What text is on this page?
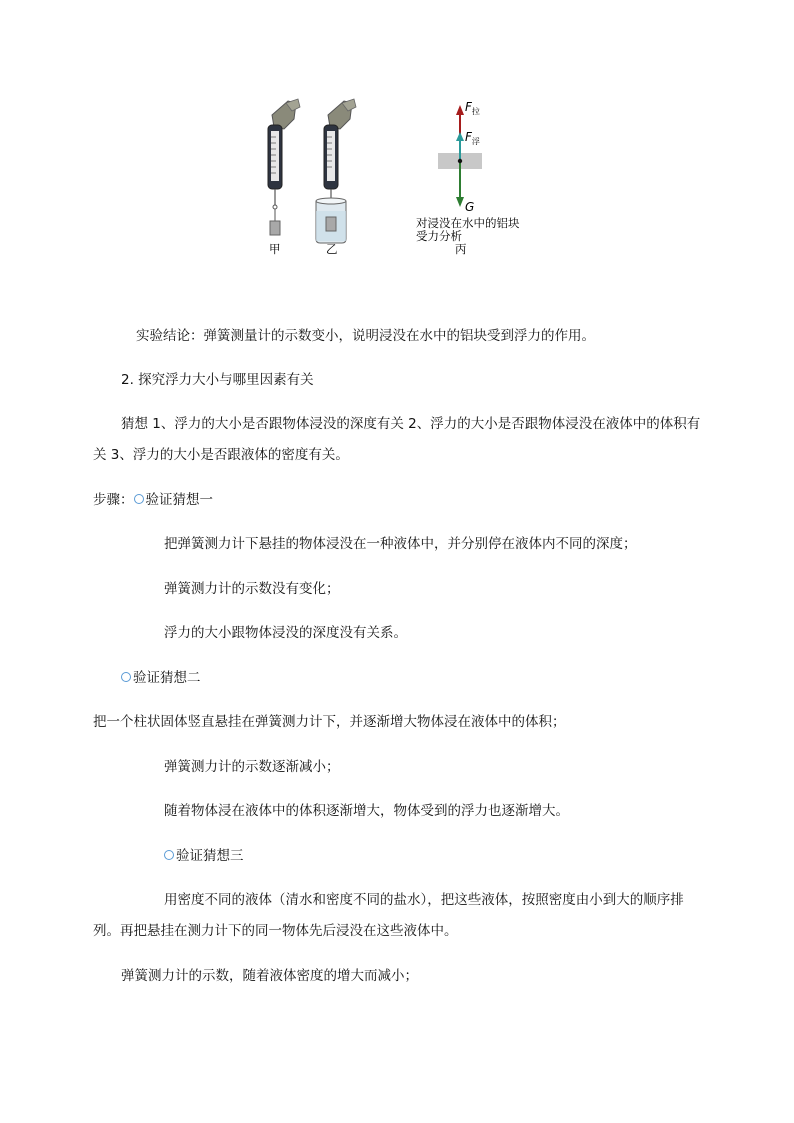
甲	乙
$F_拉$
$F_浮$
G
对浸没在水中的铝块
受力分析
丙
实验结论：弹簧测量计的示数变小，说明浸没在水中的铝块受到浮力的作用。
2. 探究浮力大小与哪里因素有关
猜想 1、浮力的大小是否跟物体浸没的深度有关 2、浮力的大小是否跟物体浸没在液体中的体积有
关 3、浮力的大小是否跟液体的密度有关。
步骤： 验证猜想一
把弹簧测力计下悬挂的物体浸没在一种液体中，并分别停在液体内不同的深度；
弹簧测力计的示数没有变化；
浮力的大小跟物体浸没的深度没有关系。
验证猜想二
把一个柱状固体竖直悬挂在弹簧测力计下，并逐渐增大物体浸在液体中的体积；
弹簧测力计的示数逐渐减小；
随着物体浸在液体中的体积逐渐增大，物体受到的浮力也逐渐增大。
验证猜想三
用密度不同的液体（清水和密度不同的盐水），把这些液体，按照密度由小到大的顺序排
列。再把悬挂在测力计下的同一物体先后浸没在这些液体中。
弹簧测力计的示数，随着液体密度的增大而减小；
